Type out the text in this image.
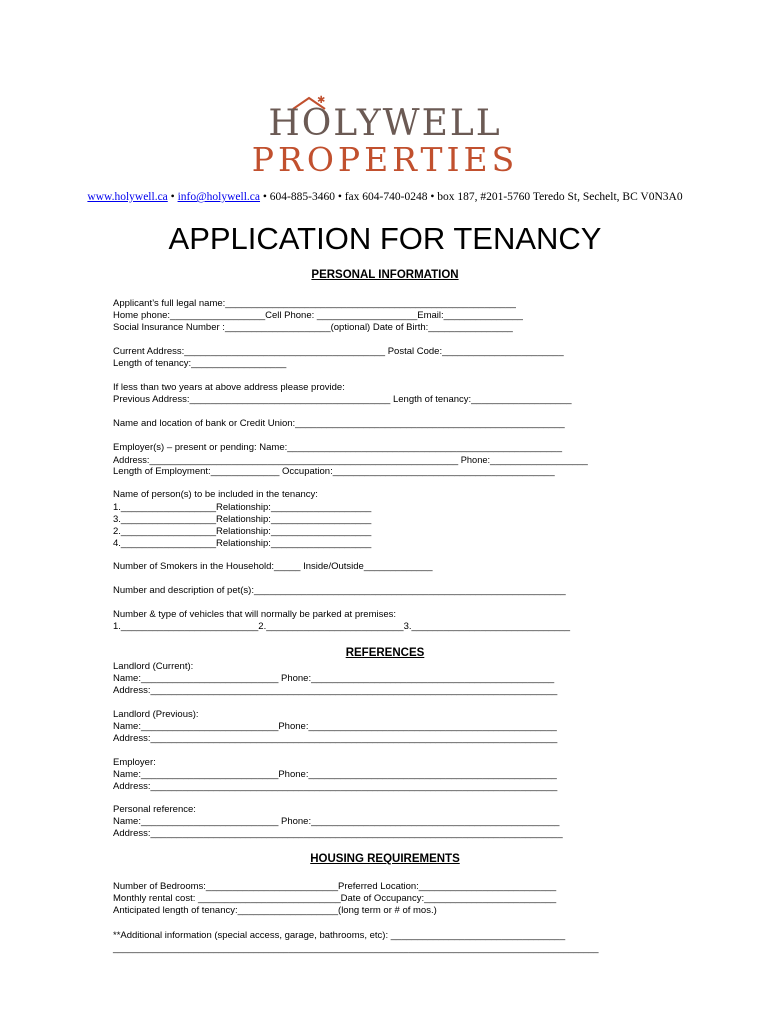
✱
HOLYWELL
PROPERTIES
www.holywell.ca • info@holywell.ca • 604-885-3460 • fax 604-740-0248 • box 187, #201-5760 Teredo St, Sechelt, BC V0N3A0
APPLICATION FOR TENANCY
PERSONAL INFORMATION
Applicant’s full legal name:_______________________________________________________
Home phone:__________________Cell Phone: ___________________Email:_______________
Social Insurance Number :____________________(optional) Date of Birth:________________
Current Address:______________________________________ Postal Code:_______________________
Length of tenancy:__________________
If less than two years at above address please provide:
Previous Address:______________________________________ Length of tenancy:___________________
Name and location of bank or Credit Union:___________________________________________________
Employer(s) – present or pending: Name:____________________________________________________
Address:____________________________________________________________ Phone:___________________
Length of Employment:_____________ Occupation:__________________________________________
Name of person(s) to be included in the tenancy:
1.__________________Relationship:___________________
3.__________________Relationship:___________________
2.__________________Relationship:___________________
4.__________________Relationship:___________________
Number of Smokers in the Household:_____ Inside/Outside_____________
Number and description of pet(s):___________________________________________________________
Number & type of vehicles that will normally be parked at premises:
1.__________________________2.__________________________3.______________________________
REFERENCES
Landlord (Current):
Name:__________________________ Phone:______________________________________________
Address:_____________________________________________________________________________
Landlord (Previous):
Name:__________________________Phone:_______________________________________________
Address:_____________________________________________________________________________
Employer:
Name:__________________________Phone:_______________________________________________
Address:_____________________________________________________________________________
Personal reference:
Name:__________________________ Phone:_______________________________________________
Address:______________________________________________________________________________
HOUSING REQUIREMENTS
Number of Bedrooms:_________________________Preferred Location:__________________________
Monthly rental cost: ___________________________Date of Occupancy:_________________________
Anticipated length of tenancy:___________________(long term or # of mos.)
**Additional information (special access, garage, bathrooms, etc): _________________________________
_________________________________________________________________________________________________
